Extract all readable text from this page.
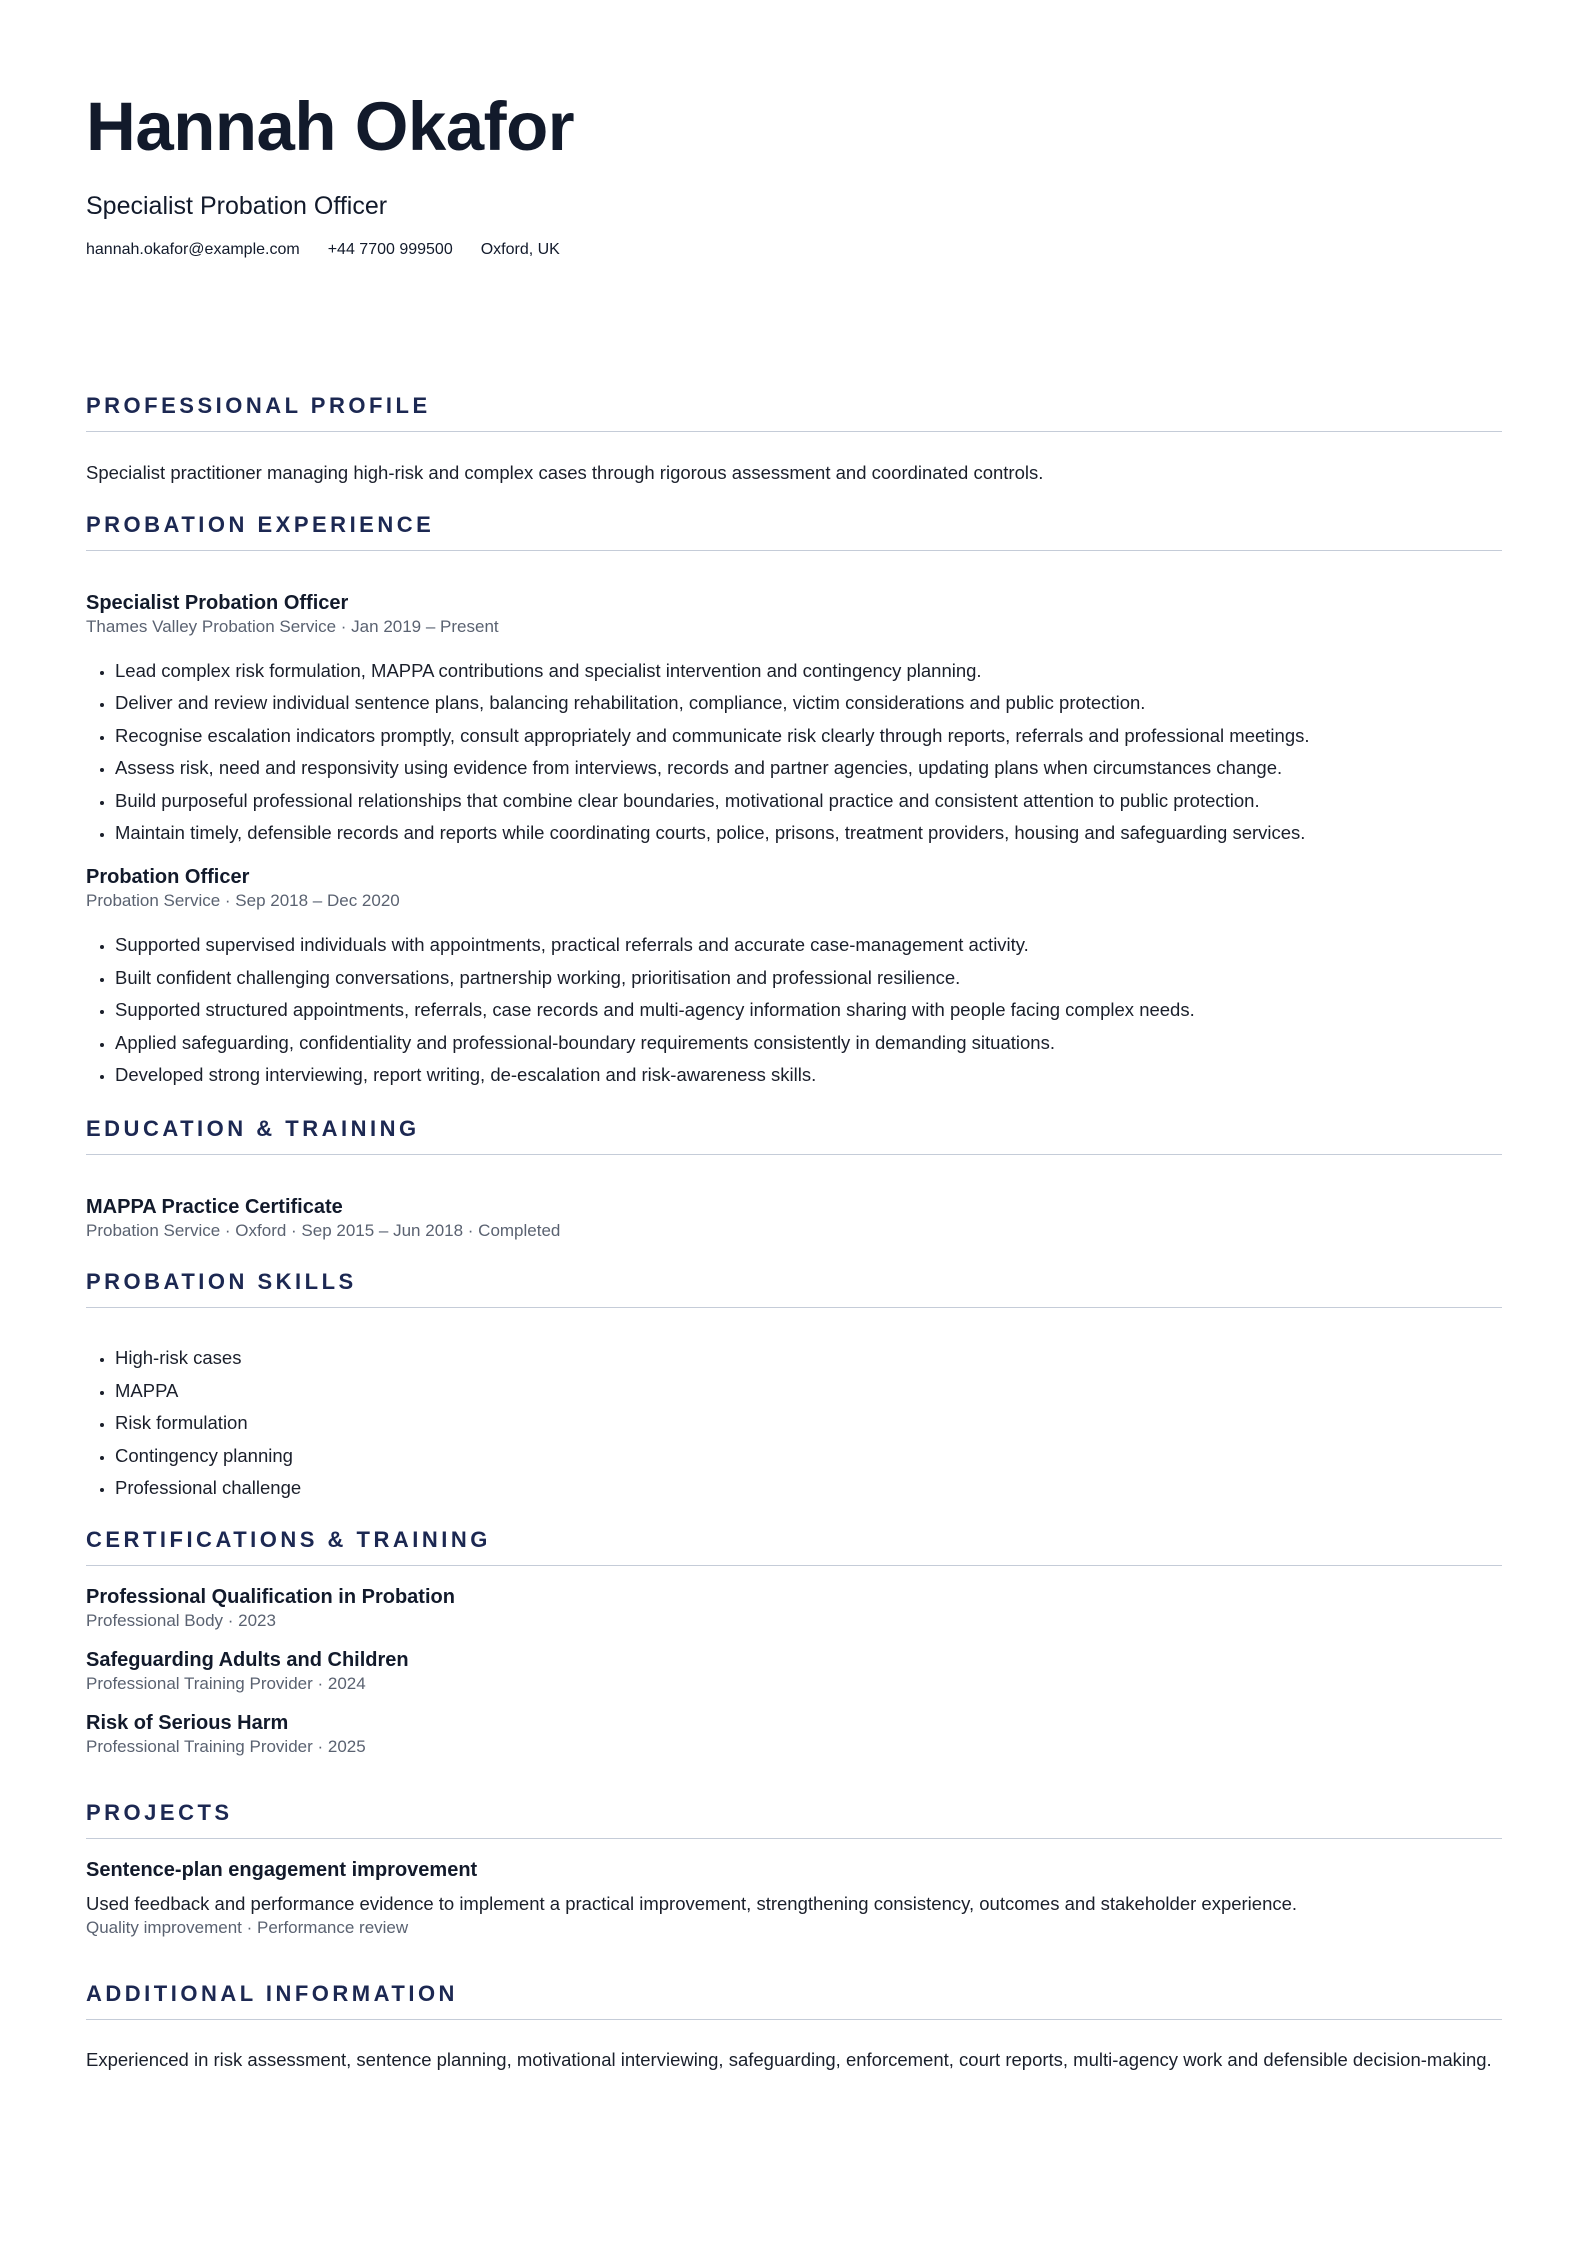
Hannah Okafor
Specialist Probation Officer
hannah.okafor@example.com +44 7700 999500 Oxford, UK
PROFESSIONAL PROFILE

Specialist practitioner managing high-risk and complex cases through rigorous assessment and coordinated controls.

PROBATION EXPERIENCE
Specialist Probation Officer
Thames Valley Probation Service · Jan 2019 – Present
• Lead complex risk formulation, MAPPA contributions and specialist intervention and contingency planning.
• Deliver and review individual sentence plans, balancing rehabilitation, compliance, victim considerations and public protection.
• Recognise escalation indicators promptly, consult appropriately and communicate risk clearly through reports, referrals and professional meetings.
• Assess risk, need and responsivity using evidence from interviews, records and partner agencies, updating plans when circumstances change.
• Build purposeful professional relationships that combine clear boundaries, motivational practice and consistent attention to public protection.
• Maintain timely, defensible records and reports while coordinating courts, police, prisons, treatment providers, housing and safeguarding services.
Probation Officer
Probation Service · Sep 2018 – Dec 2020
• Supported supervised individuals with appointments, practical referrals and accurate case-management activity.
• Built confident challenging conversations, partnership working, prioritisation and professional resilience.
• Supported structured appointments, referrals, case records and multi-agency information sharing with people facing complex needs.
• Applied safeguarding, confidentiality and professional-boundary requirements consistently in demanding situations.
• Developed strong interviewing, report writing, de-escalation and risk-awareness skills.
EDUCATION & TRAINING
MAPPA Practice Certificate
Probation Service · Oxford · Sep 2015 – Jun 2018 · Completed
PROBATION SKILLS
• High-risk cases
• MAPPA
• Risk formulation
• Contingency planning
• Professional challenge
CERTIFICATIONS & TRAINING
Professional Qualification in Probation
Professional Body · 2023
Safeguarding Adults and Children
Professional Training Provider · 2024
Risk of Serious Harm
Professional Training Provider · 2025
PROJECTS
Sentence-plan engagement improvement

Used feedback and performance evidence to implement a practical improvement, strengthening consistency, outcomes and stakeholder experience.

Quality improvement · Performance review
ADDITIONAL INFORMATION

Experienced in risk assessment, sentence planning, motivational interviewing, safeguarding, enforcement, court reports, multi-agency work and defensible decision-making.
